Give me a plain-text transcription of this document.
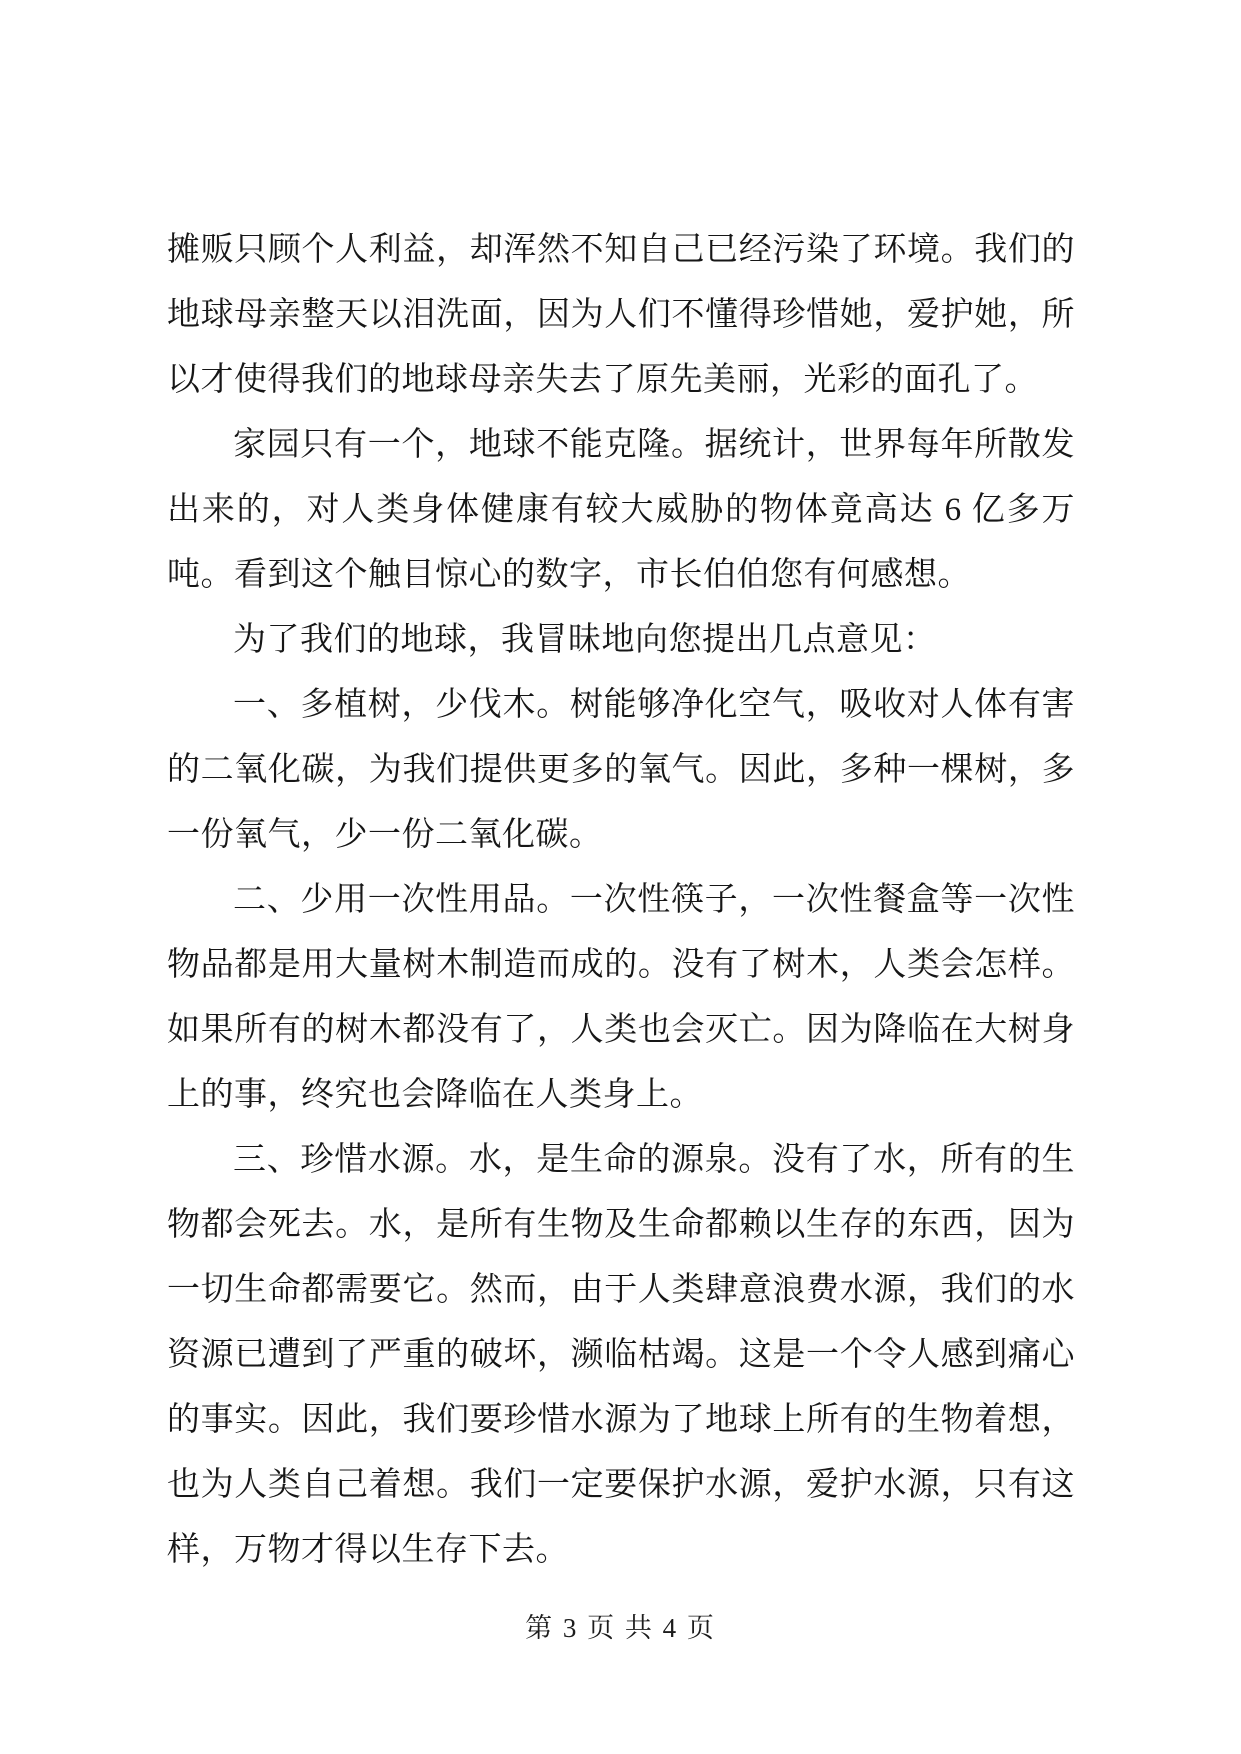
摊贩只顾个人利益，却浑然不知自己已经污染了环境。我们的地球母亲整天以泪洗面，因为人们不懂得珍惜她，爱护她，所以才使得我们的地球母亲失去了原先美丽，光彩的面孔了。

家园只有一个，地球不能克隆。据统计，世界每年所散发出来的，对人类身体健康有较大威胁的物体竟高达 6 亿多万吨。看到这个触目惊心的数字，市长伯伯您有何感想。

为了我们的地球，我冒昧地向您提出几点意见：

一、多植树，少伐木。树能够净化空气，吸收对人体有害的二氧化碳，为我们提供更多的氧气。因此，多种一棵树，多一份氧气，少一份二氧化碳。

二、少用一次性用品。一次性筷子，一次性餐盒等一次性物品都是用大量树木制造而成的。没有了树木，人类会怎样。如果所有的树木都没有了，人类也会灭亡。因为降临在大树身上的事，终究也会降临在人类身上。

三、珍惜水源。水，是生命的源泉。没有了水，所有的生物都会死去。水，是所有生物及生命都赖以生存的东西，因为一切生命都需要它。然而，由于人类肆意浪费水源，我们的水资源已遭到了严重的破坏，濒临枯竭。这是一个令人感到痛心的事实。因此，我们要珍惜水源为了地球上所有的生物着想，也为人类自己着想。我们一定要保护水源，爱护水源，只有这样，万物才得以生存下去。

第 3 页 共 4 页
